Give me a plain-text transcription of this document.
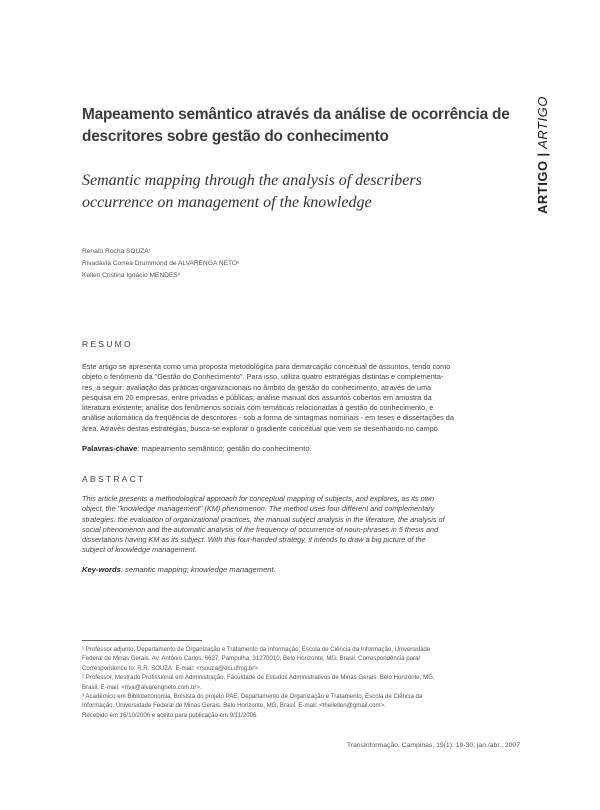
Mapeamento semântico através da análise de ocorrência de
descritores sobre gestão do conhecimento
Semantic mapping through the analysis of describers
occurrence on management of the knowledge	ARTIGO
|
ARTIGO
Renato Rocha SOUZA¹
Rivadávia Correa Drummond de ALVARENGA NETO²
Kellen Cristina Ignácio MENDES³
RESUMO
Este artigo se apresenta como uma proposta metodológica para demarcação conceitual de assuntos, tendo como
objeto o fenômeno da "Gestão do Conhecimento". Para isso, utiliza quatro estratégias distintas e complementa-
res, a seguir: avaliação das práticas organizacionais no âmbito da gestão do conhecimento, através de uma
pesquisa em 20 empresas, entre privadas e públicas; análise manual dos assuntos cobertos em amostra da
literatura existente; análise dos fenômenos sociais com temáticas relacionadas à gestão do conhecimento, e
análise automática da freqüência de descritores - sob a forma de sintagmas nominais - em teses e dissertações da
área. Através destas estratégias, busca-se explorar o gradiente conceitual que vem se desenhando no campo.
Palavras-chave: mapeamento semântico; gestão do conhecimento.
ABSTRACT
This article presents a methodological approach for conceptual mapping of subjects, and explores, as its own
object, the "knowledge management" (KM) phenomenon. The method uses four different and complementary
strategies: the evaluation of organizational practices, the manual subject analysis in the literature, the analysis of
social phenomenon and the automatic analysis of the frequency of occurrence of noun-phrases in 5 thesis and
dissertations having KM as its subject. With this four-handed strategy, it intends to draw a big picture of the
subject of knowledge management.
Key-words: semantic mapping; knowledge management.
¹ Professor adjunto, Departamento de Organização e Tratamento da Informação, Escola de Ciência da Informação, Universidade
Federal de Minas Gerais. Av. Antônio Carlos, 6627, Pampulha, 31270010, Belo Horizonte, MG, Brasil. Correspondência para/
Correspondence to: R.R. SOUZA. E-mail: <rsouza@eci.ufmg.br>.
² Professor, Mestrado Profissional em Administração, Faculdade de Estudos Administrativos de Minas Gerais. Belo Horizonte, MG,
Brasil. E-mail: <riva@alvarengneto.com.br>.
³ Acadêmico em Biblioteconomia, Bolsista do projeto PAE, Departamento de Organização e Tratamento, Escola de Ciência da
Informação, Universidade Federal de Minas Gerais. Belo Horizonte, MG, Brasil. E-mail: <theilellen@gmail.com>.
Recebido em 16/10/2006 e aceito para publicação em 9/11/2006.
TransInformação, Campinas, 19(1): 19-30, jan./abr., 2007
